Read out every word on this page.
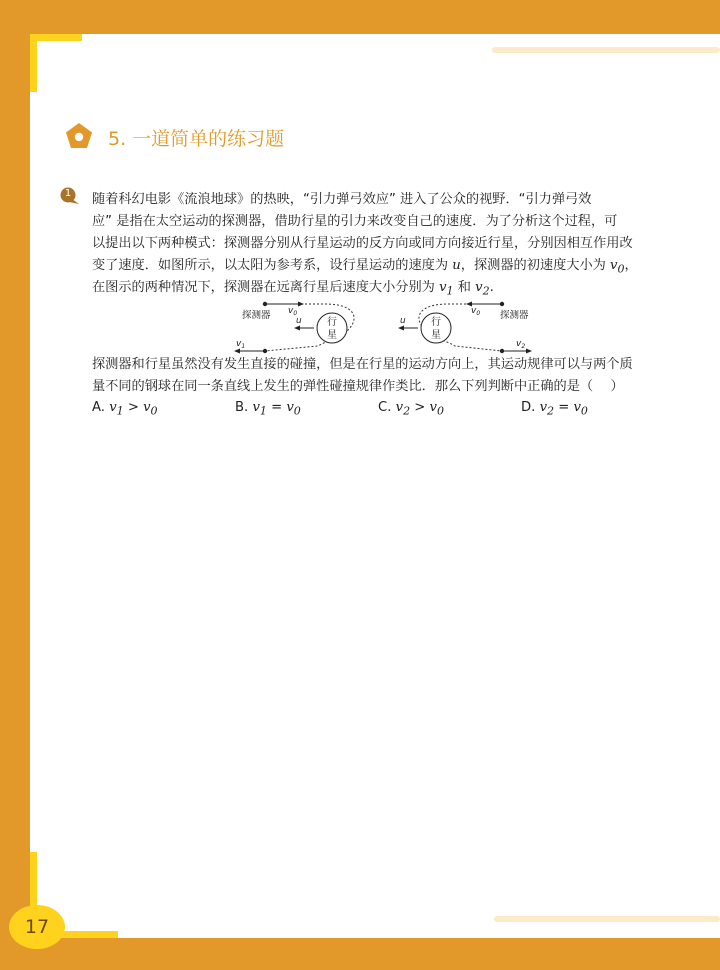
5. 一道简单的练习题
1	随着科幻电影《流浪地球》的热映，“引力弹弓效应” 进入了公众的视野．“引力弹弓效
应” 是指在太空运动的探测器，借助行星的引力来改变自己的速度．为了分析这个过程，可
以提出以下两种模式：探测器分别从行星运动的反方向或同方向接近行星，分别因相互作用改
变了速度．如图所示，以太阳为参考系，设行星运动的速度为 u，探测器的初速度大小为 $v_0$，
在图示的两种情况下，探测器在远离行星后速度大小分别为 $v_1$ 和 $v_2$.
$v_0$
探测器
行
星
u
$v_1$
$v_0$ 探测器
行
星
u
$v_2$
探测器和行星虽然没有发生直接的碰撞，但是在行星的运动方向上，其运动规律可以与两个质
量不同的钢球在同一条直线上发生的弹性碰撞规律作类比．那么下列判断中正确的是（　 ）
A. $v_1 > v_0$	B. $v_1 = v_0$	C. $v_2 > v_0$	D. $v_2 = v_0$
17
